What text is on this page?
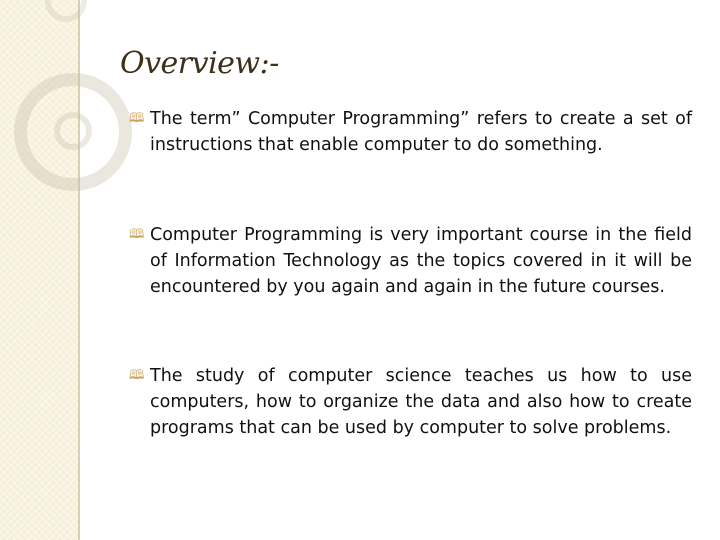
Overview:-
🕮 The term” Computer Programming” refers to create a set of instructions that enable computer to do something.
🕮 Computer Programming is very important course in the field of Information Technology as the topics covered in it will be encountered by you again and again in the future courses.
🕮 The study of computer science teaches us how to use computers, how to organize the data and also how to create programs that can be used by computer to solve problems.
